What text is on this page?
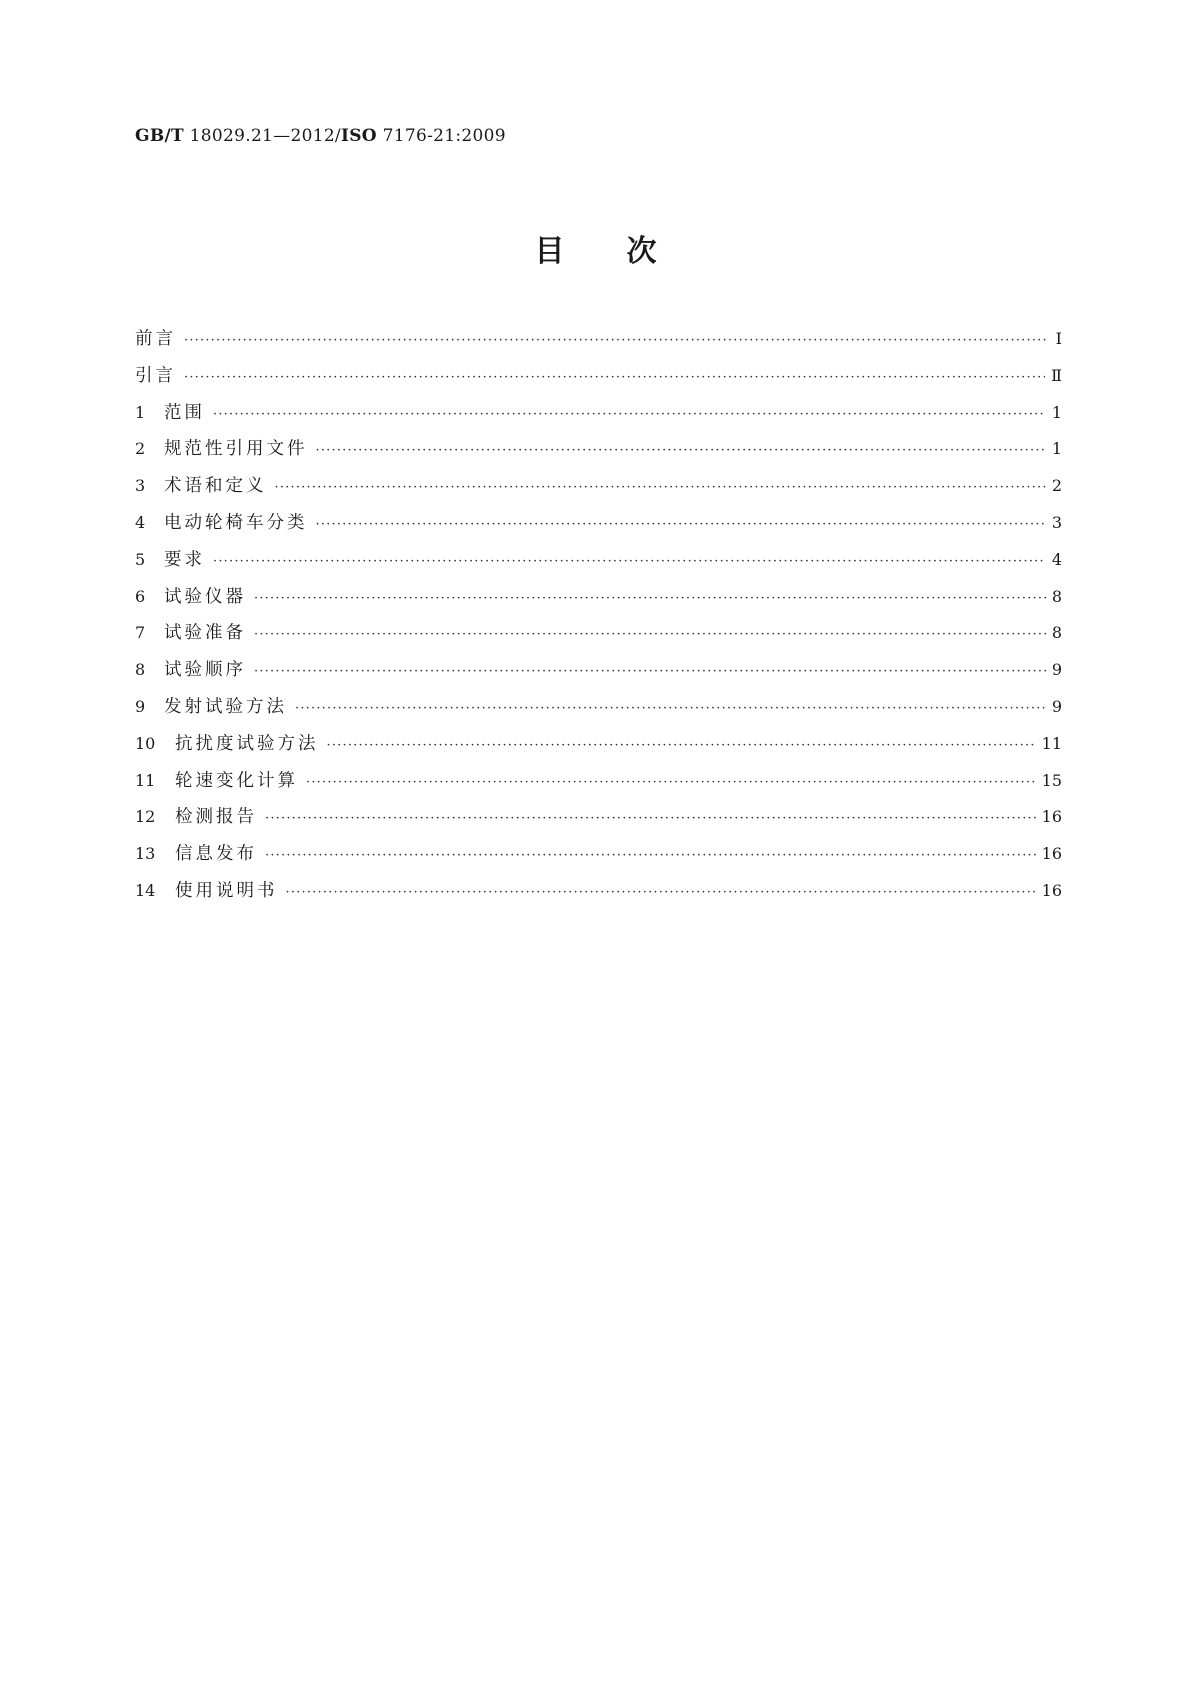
GB/T 18029.21—2012/ISO 7176-21:2009
目次
前言 ·····	Ⅰ
引言 ·····	Ⅱ
1	范围 ·····	1
2	规范性引用文件 ·····	1
3	术语和定义 ·····	2
4	电动轮椅车分类 ·····	3
5	要求 ·····	4
6	试验仪器 ·····	8
7	试验准备 ·····	8
8	试验顺序 ·····	9
9	发射试验方法 ·····	9
10	抗扰度试验方法 ·····	11
11	轮速变化计算 ·····	15
12	检测报告 ·····	16
13	信息发布 ·····	16
14	使用说明书 ·····	16
